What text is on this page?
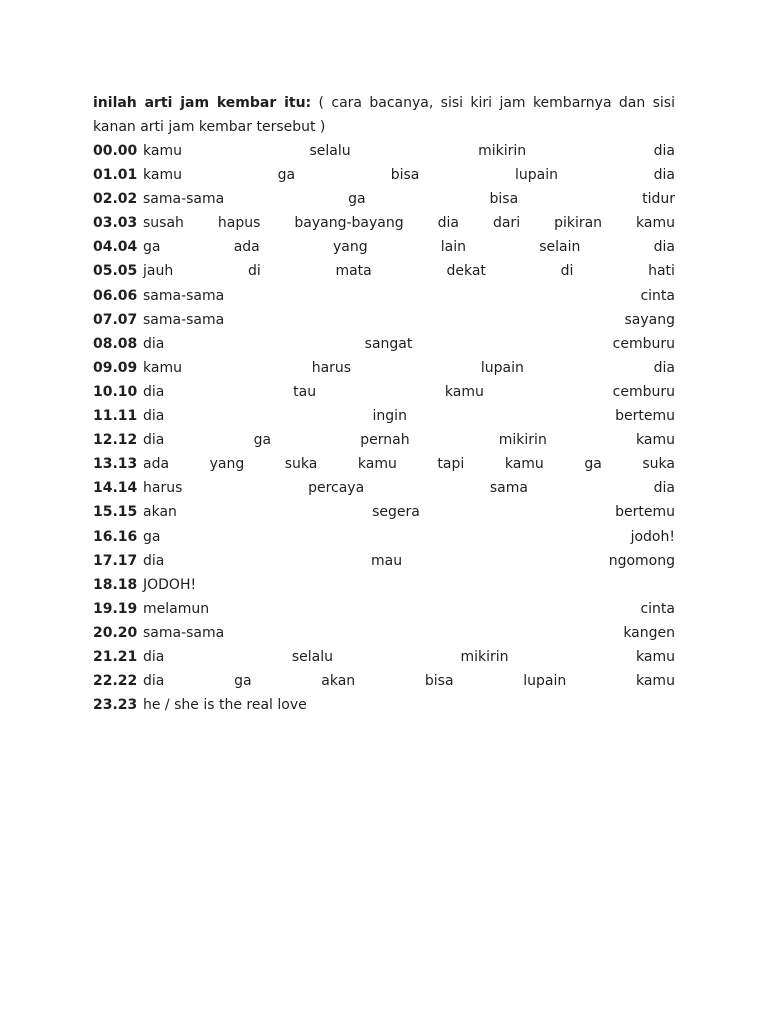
inilah arti jam kembar itu: ( cara bacanya, sisi kiri jam kembarnya dan sisi kanan arti jam kembar tersebut )
00.00 kamu	selalu	mikirin	dia
01.01 kamu	ga	bisa	lupain	dia
02.02 sama-sama	ga	bisa	tidur
03.03 susah hapus bayang-bayang dia dari pikiran kamu
04.04 ga	ada	yang	lain	selain	dia
05.05 jauh	di	mata	dekat	di	hati
06.06 sama-sama	cinta
07.07 sama-sama	sayang
08.08 dia	sangat	cemburu
09.09 kamu	harus	lupain	dia
10.10 dia	tau	kamu	cemburu
11.11 dia	ingin	bertemu
12.12 dia	ga	pernah	mikirin	kamu
13.13 ada	yang	suka	kamu	tapi	kamu	ga	suka
14.14 harus	percaya	sama	dia
15.15 akan	segera	bertemu
16.16 ga	jodoh!
17.17 dia	mau	ngomong
18.18 JODOH!
19.19 melamun	cinta
20.20 sama-sama	kangen
21.21 dia	selalu	mikirin	kamu
22.22 dia	ga	akan	bisa	lupain	kamu
23.23 he / she is the real love
